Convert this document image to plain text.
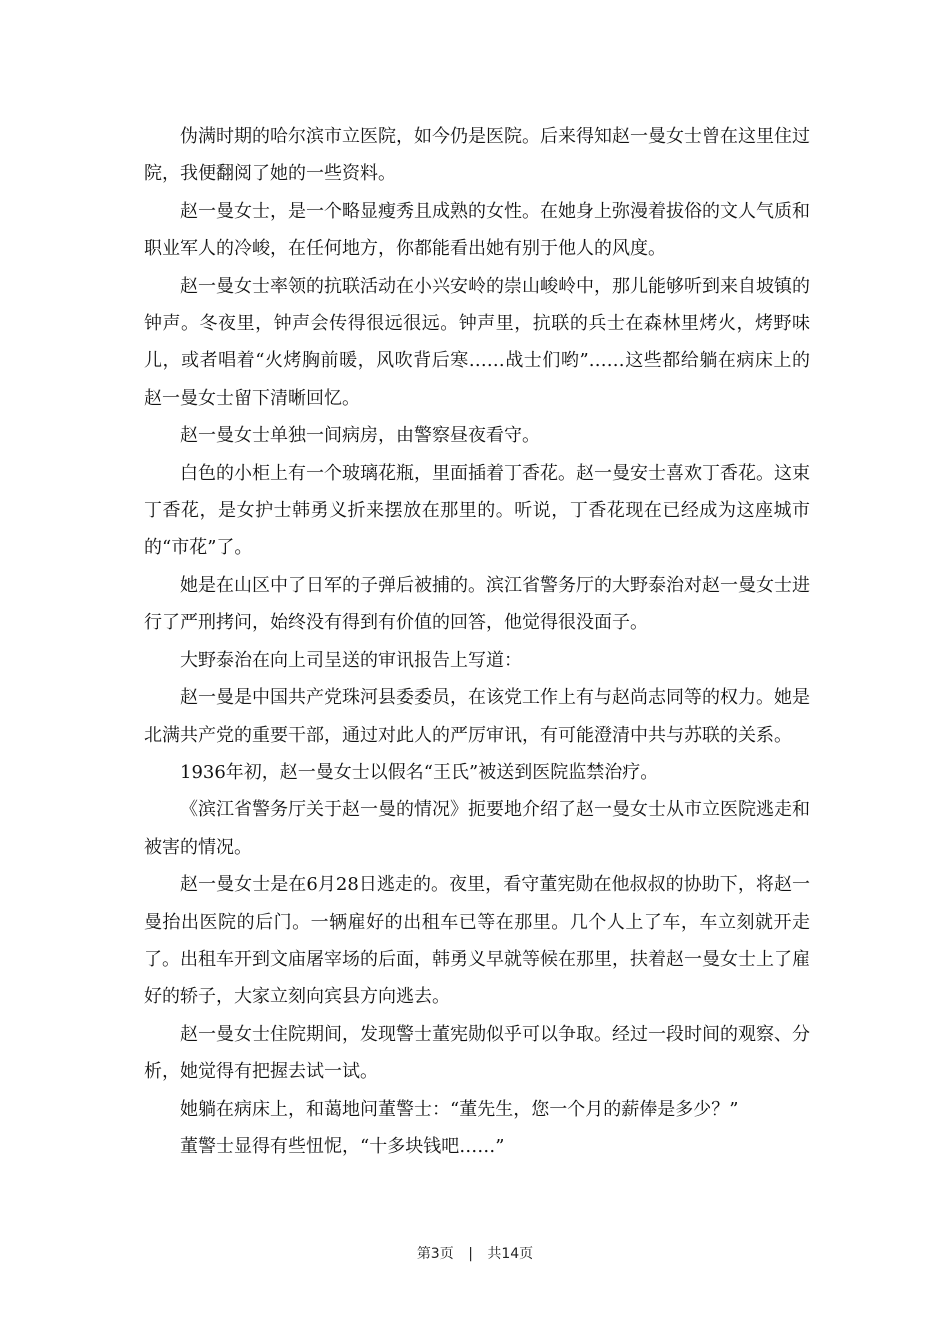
伪满时期的哈尔滨市立医院，如今仍是医院。后来得知赵一曼女士曾在这里住过院，我便翻阅了她的一些资料。

赵一曼女士，是一个略显瘦秀且成熟的女性。在她身上弥漫着拔俗的文人气质和职业军人的冷峻，在任何地方，你都能看出她有别于他人的风度。

赵一曼女士率领的抗联活动在小兴安岭的崇山峻岭中，那儿能够听到来自坡镇的钟声。冬夜里，钟声会传得很远很远。钟声里，抗联的兵士在森林里烤火，烤野味儿，或者唱着“火烤胸前暖，风吹背后寒……战士们哟”……这些都给躺在病床上的赵一曼女士留下清晰回忆。

赵一曼女士单独一间病房，由警察昼夜看守。

白色的小柜上有一个玻璃花瓶，里面插着丁香花。赵一曼安士喜欢丁香花。这束丁香花，是女护士韩勇义折来摆放在那里的。听说，丁香花现在已经成为这座城市的“市花”了。

她是在山区中了日军的子弹后被捕的。滨江省警务厅的大野泰治对赵一曼女士进行了严刑拷问，始终没有得到有价值的回答，他觉得很没面子。

大野泰治在向上司呈送的审讯报告上写道：

赵一曼是中国共产党珠河县委委员，在该党工作上有与赵尚志同等的权力。她是北满共产党的重要干部，通过对此人的严厉审讯，有可能澄清中共与苏联的关系。

1936年初，赵一曼女士以假名“王氏”被送到医院监禁治疗。

《滨江省警务厅关于赵一曼的情况》扼要地介绍了赵一曼女士从市立医院逃走和被害的情况。

赵一曼女士是在6月28日逃走的。夜里，看守董宪勋在他叔叔的协助下，将赵一曼抬出医院的后门。一辆雇好的出租车已等在那里。几个人上了车，车立刻就开走了。出租车开到文庙屠宰场的后面，韩勇义早就等候在那里，扶着赵一曼女士上了雇好的轿子，大家立刻向宾县方向逃去。

赵一曼女士住院期间，发现警士董宪勋似乎可以争取。经过一段时间的观察、分析，她觉得有把握去试一试。

她躺在病床上，和蔼地问董警士：“董先生，您一个月的薪俸是多少？”

董警士显得有些忸怩，“十多块钱吧……”

第3页 | 共14页
